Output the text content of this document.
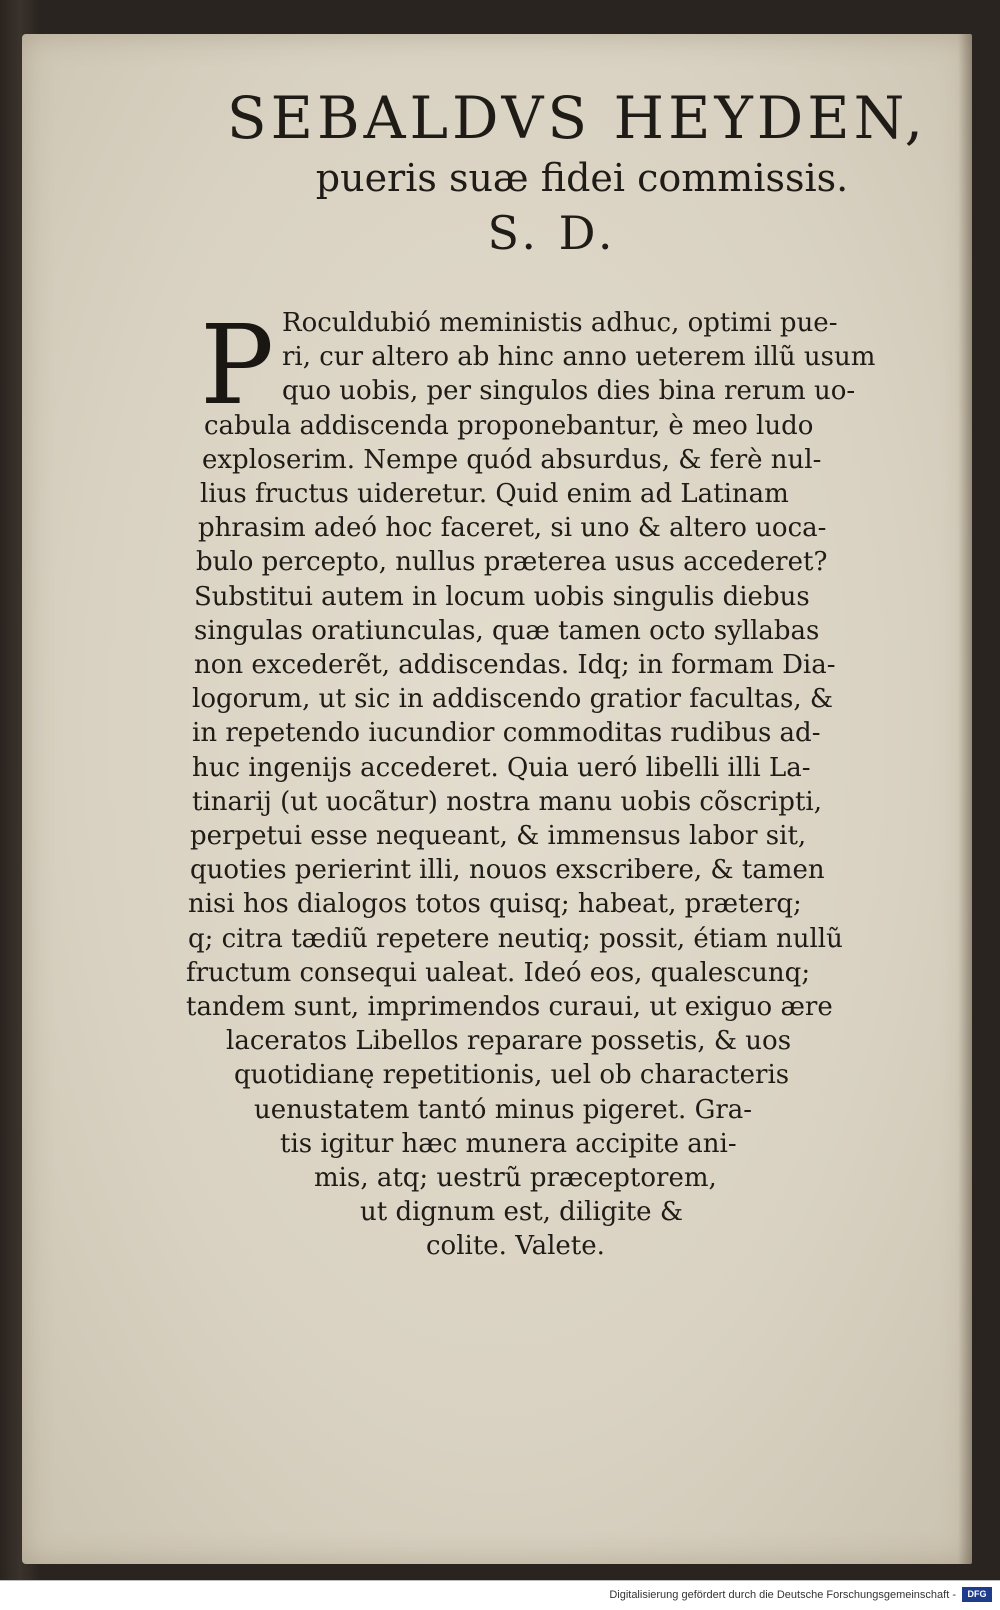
SEBALDVS HEYDEN,
pueris suæ fidei commissis.
S. D.
P Roculdubió meministis adhuc, optimi pue-
ri, cur altero ab hinc anno ueterem illũ usum
quo uobis, per singulos dies bina rerum uo-
cabula addiscenda proponebantur, è meo ludo
exploserim. Nempe quód absurdus, & ferè nul-
lius fructus uideretur. Quid enim ad Latinam
phrasim adeó hoc faceret, si uno & altero uoca-
bulo percepto, nullus præterea usus accederet?
Substitui autem in locum uobis singulis diebus
singulas oratiunculas, quæ tamen octo syllabas
non excederẽt, addiscendas. Idq; in formam Dia-
logorum, ut sic in addiscendo gratior facultas, &
in repetendo iucundior commoditas rudibus ad-
huc ingenijs accederet. Quia ueró libelli illi La-
tinarij (ut uocãtur) nostra manu uobis cõscripti,
perpetui esse nequeant, & immensus labor sit,
quoties perierint illi, nouos exscribere, & tamen
nisi hos dialogos totos quisq; habeat, præterq;
q; citra tædiũ repetere neutiq; possit, étiam nullũ
fructum consequi ualeat. Ideó eos, qualescunq;
tandem sunt, imprimendos curaui, ut exiguo ære
laceratos Libellos reparare possetis, & uos
quotidianę repetitionis, uel ob characteris
uenustatem tantó minus pigeret. Gra-
tis igitur hæc munera accipite ani-
mis, atq; uestrũ præceptorem,
ut dignum est, diligite &
colite. Valete.
Digitalisierung gefördert durch die Deutsche Forschungsgemeinschaft -	DFG
